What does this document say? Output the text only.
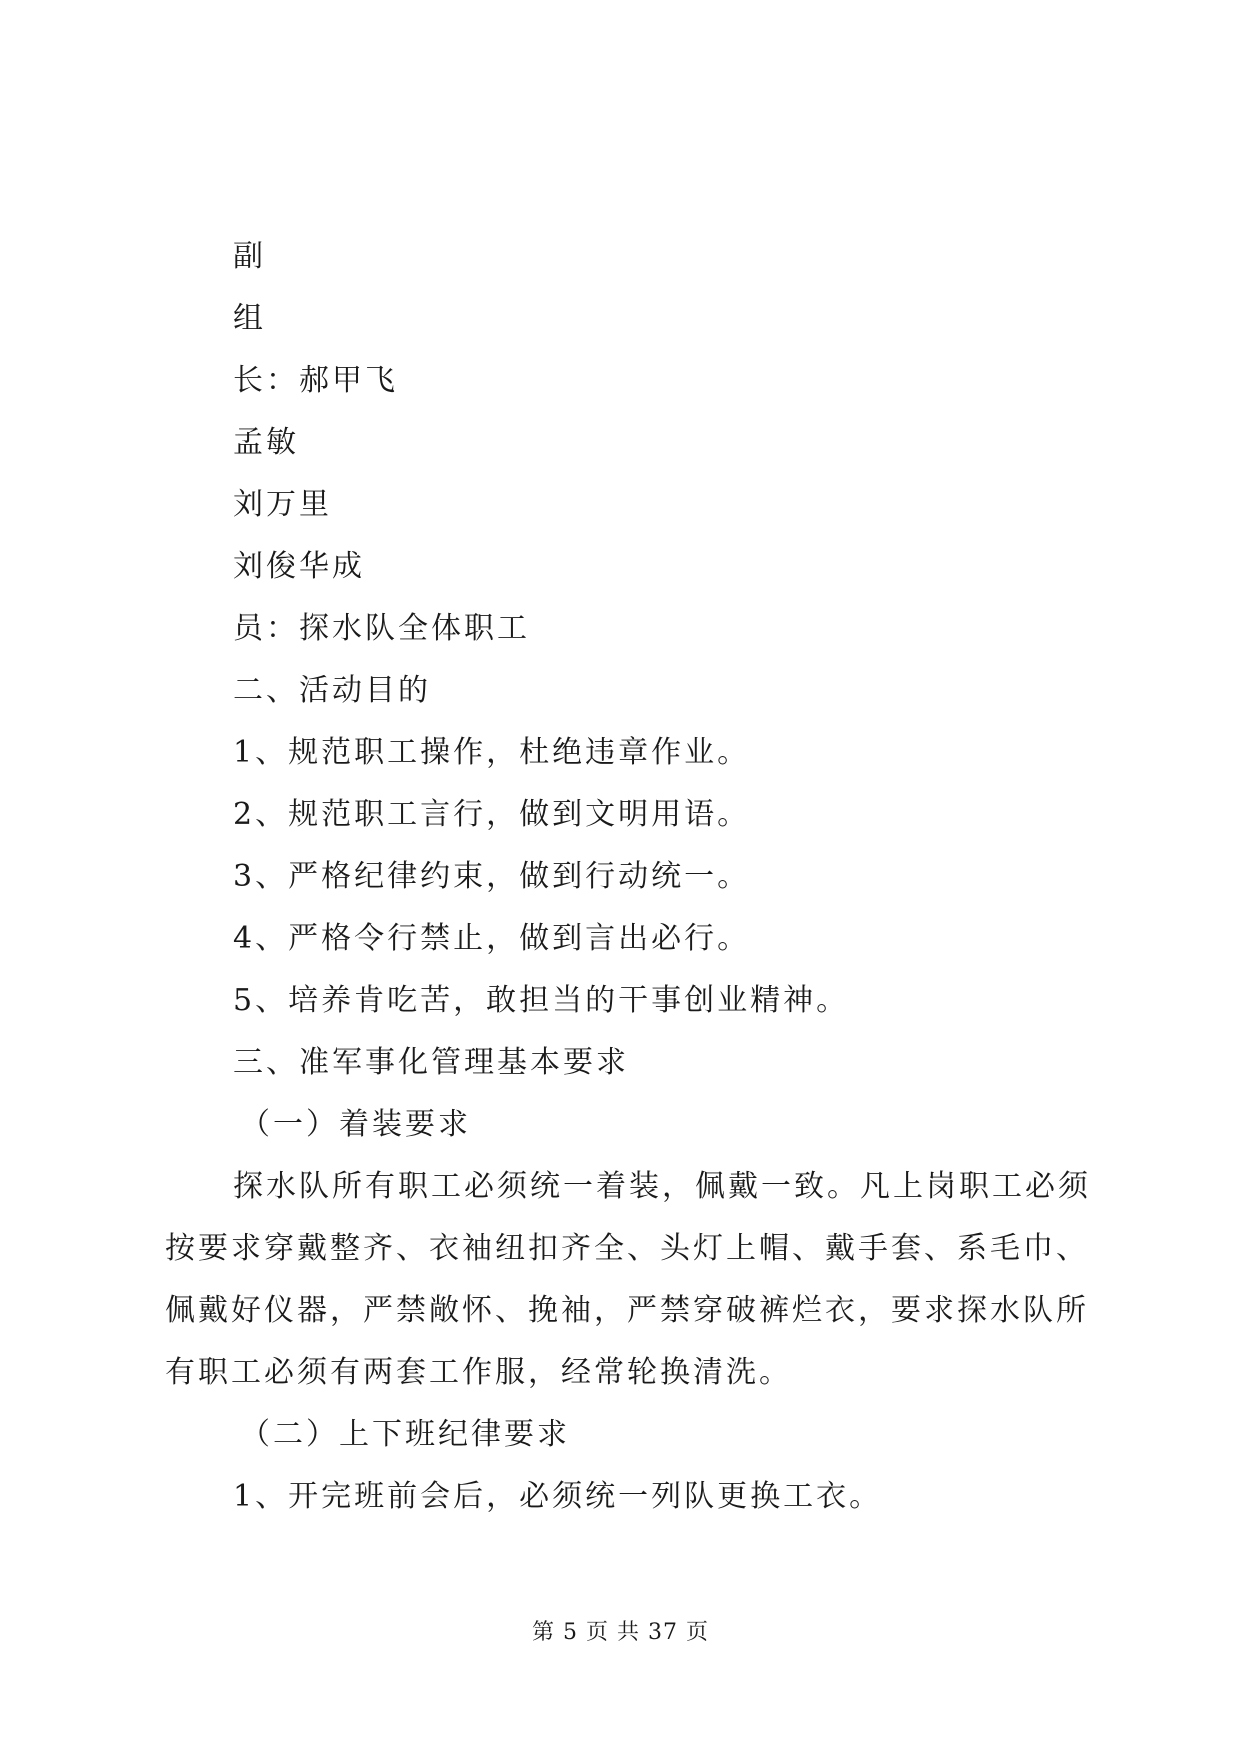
副
组
长：郝甲飞
孟敏
刘万里
刘俊华成
员：探水队全体职工
二、活动目的
1、规范职工操作，杜绝违章作业。
2、规范职工言行，做到文明用语。
3、严格纪律约束，做到行动统一。
4、严格令行禁止，做到言出必行。
5、培养肯吃苦，敢担当的干事创业精神。
三、准军事化管理基本要求
（一）着装要求
探水队所有职工必须统一着装，佩戴一致。凡上岗职工必须
按要求穿戴整齐、衣袖纽扣齐全、头灯上帽、戴手套、系毛巾、
佩戴好仪器，严禁敞怀、挽袖，严禁穿破裤烂衣，要求探水队所
有职工必须有两套工作服，经常轮换清洗。
（二）上下班纪律要求
1、开完班前会后，必须统一列队更换工衣。
第 5 页 共 37 页
